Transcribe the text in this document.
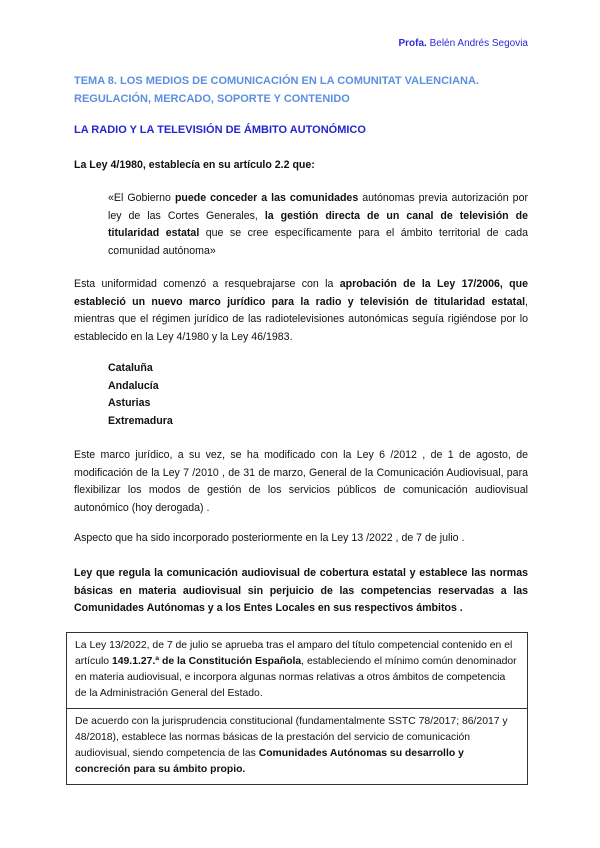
Profa. Belén Andrés Segovia
TEMA 8. LOS MEDIOS DE COMUNICACIÓN EN LA COMUNITAT VALENCIANA. REGULACIÓN, MERCADO, SOPORTE Y CONTENIDO
LA RADIO Y LA TELEVISIÓN DE ÁMBITO AUTONÓMICO
La Ley 4/1980, establecía en su artículo 2.2 que:
«El Gobierno puede conceder a las comunidades autónomas previa autorización por ley de las Cortes Generales, la gestión directa de un canal de televisión de titularidad estatal que se cree específicamente para el ámbito territorial de cada comunidad autónoma»
Esta uniformidad comenzó a resquebrajarse con la aprobación de la Ley 17/2006, que estableció un nuevo marco jurídico para la radio y televisión de titularidad estatal, mientras que el régimen jurídico de las radiotelevisiones autonómicas seguía rigiéndose por lo establecido en la Ley 4/1980 y la Ley 46/1983.
Cataluña
Andalucía
Asturias
Extremadura
Este marco jurídico, a su vez, se ha modificado con la Ley 6 /2012 , de 1 de agosto, de modificación de la Ley 7 /2010 , de 31 de marzo, General de la Comunicación Audiovisual, para flexibilizar los modos de gestión de los servicios públicos de comunicación audiovisual autonómico (hoy derogada) .
Aspecto que ha sido incorporado posteriormente en la Ley 13 /2022 , de 7 de julio .
Ley que regula la comunicación audiovisual de cobertura estatal y establece las normas básicas en materia audiovisual sin perjuicio de las competencias reservadas a las Comunidades Autónomas y a los Entes Locales en sus respectivos ámbitos .
La Ley 13/2022, de 7 de julio se aprueba tras el amparo del título competencial contenido en el artículo 149.1.27.ª de la Constitución Española, estableciendo el mínimo común denominador en materia audiovisual, e incorpora algunas normas relativas a otros ámbitos de competencia de la Administración General del Estado.
De acuerdo con la jurisprudencia constitucional (fundamentalmente SSTC 78/2017; 86/2017 y 48/2018), establece las normas básicas de la prestación del servicio de comunicación audiovisual, siendo competencia de las Comunidades Autónomas su desarrollo y concreción para su ámbito propio.
